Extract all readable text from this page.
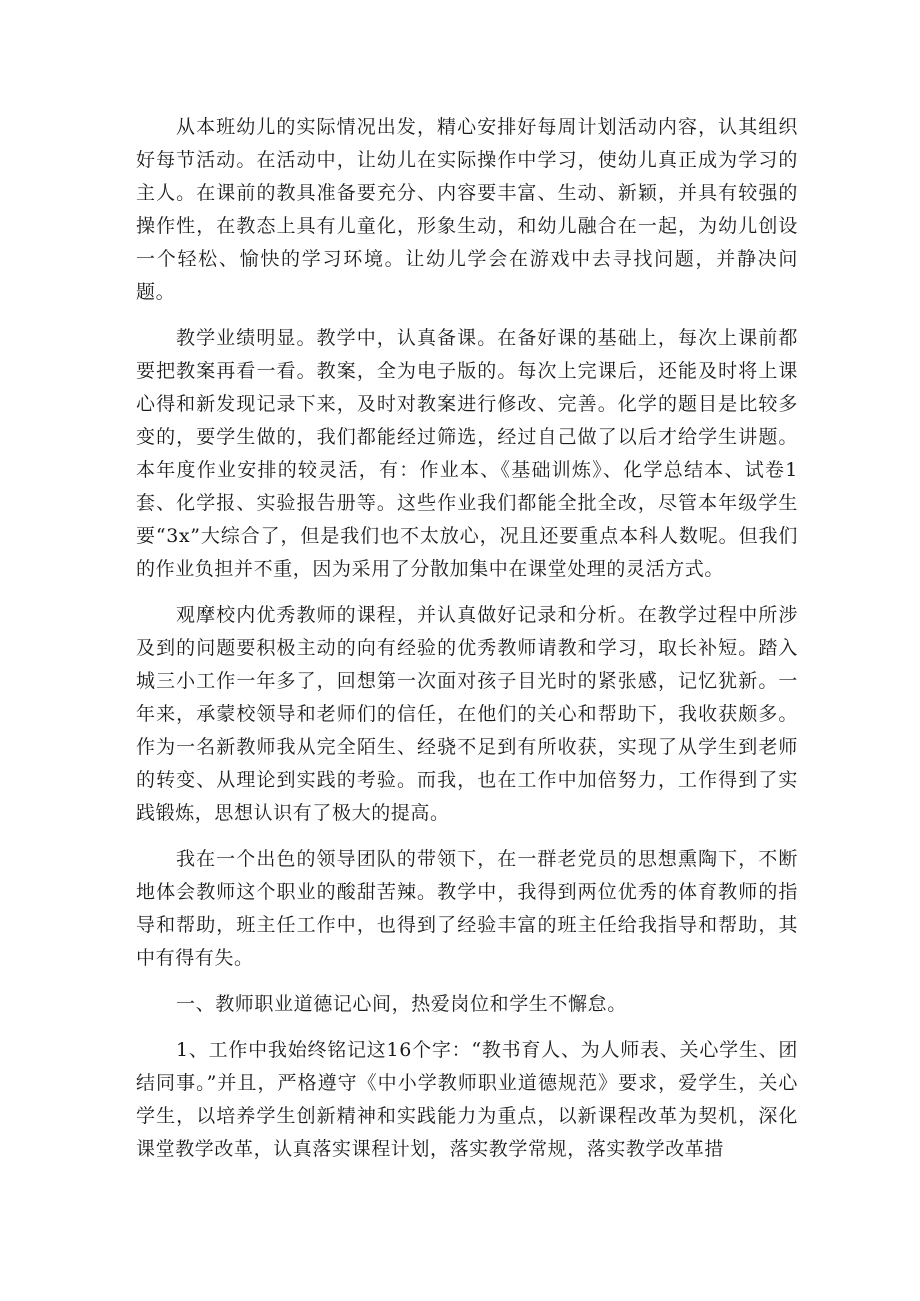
从本班幼儿的实际情况出发，精心安排好每周计划活动内容，认其组织好每节活动。在活动中，让幼儿在实际操作中学习，使幼儿真正成为学习的主人。在课前的教具准备要充分、内容要丰富、生动、新颖，并具有较强的操作性，在教态上具有儿童化，形象生动，和幼儿融合在一起，为幼儿创设一个轻松、愉快的学习环境。让幼儿学会在游戏中去寻找问题，并静决问题。

教学业绩明显。教学中，认真备课。在备好课的基础上，每次上课前都要把教案再看一看。教案，全为电子版的。每次上完课后，还能及时将上课心得和新发现记录下来，及时对教案进行修改、完善。化学的题目是比较多变的，要学生做的，我们都能经过筛选，经过自己做了以后才给学生讲题。本年度作业安排的较灵活，有：作业本、《基础训炼》、化学总结本、试卷1套、化学报、实验报告册等。这些作业我们都能全批全改，尽管本年级学生要“3x”大综合了，但是我们也不太放心，况且还要重点本科人数呢。但我们的作业负担并不重，因为采用了分散加集中在课堂处理的灵活方式。

观摩校内优秀教师的课程，并认真做好记录和分析。在教学过程中所涉及到的问题要积极主动的向有经验的优秀教师请教和学习，取长补短。踏入城三小工作一年多了，回想第一次面对孩子目光时的紧张感，记忆犹新。一年来，承蒙校领导和老师们的信任，在他们的关心和帮助下，我收获颇多。作为一名新教师我从完全陌生、经骁不足到有所收获，实现了从学生到老师的转变、从理论到实践的考验。而我，也在工作中加倍努力，工作得到了实践锻炼，思想认识有了极大的提高。

我在一个出色的领导团队的带领下，在一群老党员的思想熏陶下，不断地体会教师这个职业的酸甜苦辣。教学中，我得到两位优秀的体育教师的指导和帮助，班主任工作中，也得到了经验丰富的班主任给我指导和帮助，其中有得有失。

一、教师职业道德记心间，热爱岗位和学生不懈怠。

1、工作中我始终铭记这16个字：“教书育人、为人师表、关心学生、团结同事。”并且，严格遵守《中小学教师职业道德规范》要求，爱学生，关心学生，以培养学生创新精神和实践能力为重点，以新课程改革为契机，深化课堂教学改革，认真落实课程计划，落实教学常规，落实教学改革措
